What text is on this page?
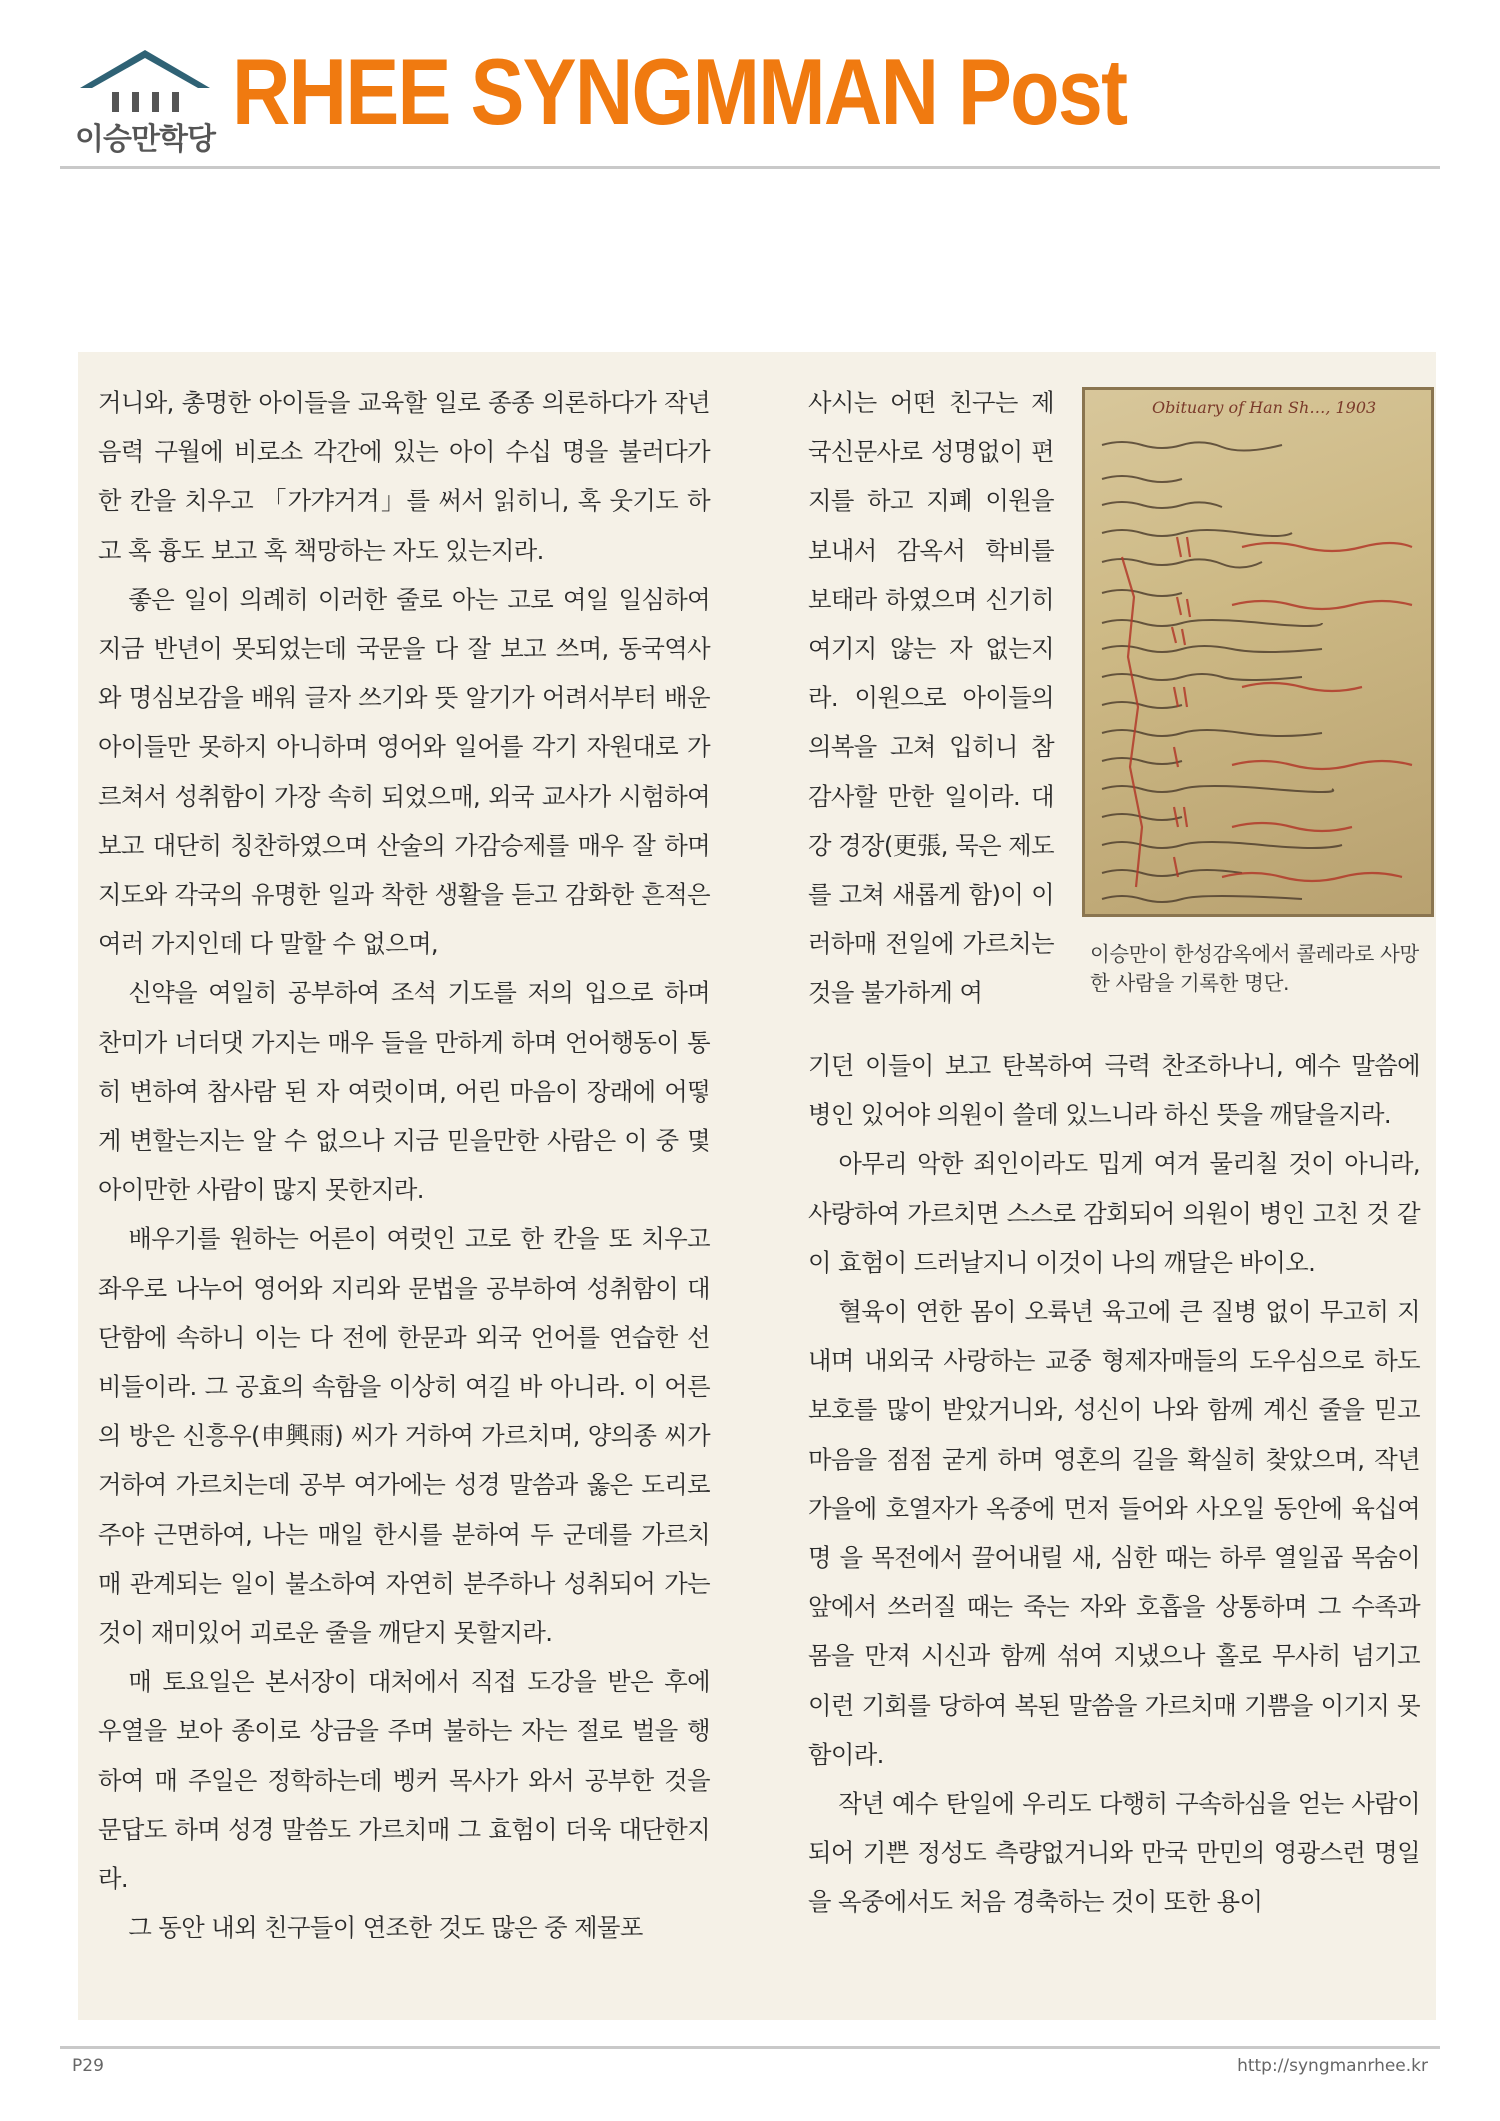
이승만학당 RHEE SYNGMMAN Post

거니와, 총명한 아이들을 교육할 일로 종종 의론하다가 작년 음력 구월에 비로소 각간에 있는 아이 수십 명을 불러다가 한 칸을 치우고 「가갸거겨」를 써서 읽히니, 혹 웃기도 하고 혹 흉도 보고 혹 책망하는 자도 있는지라.

좋은 일이 의례히 이러한 줄로 아는 고로 여일 일심하여 지금 반년이 못되었는데 국문을 다 잘 보고 쓰며, 동국역사와 명심보감을 배워 글자 쓰기와 뜻 알기가 어려서부터 배운 아이들만 못하지 아니하며 영어와 일어를 각기 자원대로 가르쳐서 성취함이 가장 속히 되었으매, 외국 교사가 시험하여 보고 대단히 칭찬하였으며 산술의 가감승제를 매우 잘 하며 지도와 각국의 유명한 일과 착한 생활을 듣고 감화한 흔적은 여러 가지인데 다 말할 수 없으며,

신약을 여일히 공부하여 조석 기도를 저의 입으로 하며 찬미가 너더댓 가지는 매우 들을 만하게 하며 언어행동이 통히 변하여 참사람 된 자 여럿이며, 어린 마음이 장래에 어떻게 변할는지는 알 수 없으나 지금 믿을만한 사람은 이 중 몇 아이만한 사람이 많지 못한지라.

배우기를 원하는 어른이 여럿인 고로 한 칸을 또 치우고 좌우로 나누어 영어와 지리와 문법을 공부하여 성취함이 대단함에 속하니 이는 다 전에 한문과 외국 언어를 연습한 선비들이라. 그 공효의 속함을 이상히 여길 바 아니라. 이 어른의 방은 신흥우(申興雨) 씨가 거하여 가르치며, 양의종 씨가 거하여 가르치는데 공부 여가에는 성경 말씀과 옳은 도리로 주야 근면하여, 나는 매일 한시를 분하여 두 군데를 가르치매 관계되는 일이 불소하여 자연히 분주하나 성취되어 가는 것이 재미있어 괴로운 줄을 깨닫지 못할지라.

매 토요일은 본서장이 대처에서 직접 도강을 받은 후에 우열을 보아 종이로 상금을 주며 불하는 자는 절로 벌을 행하여 매 주일은 정학하는데 벵커 목사가 와서 공부한 것을 문답도 하며 성경 말씀도 가르치매 그 효험이 더욱 대단한지라.

그 동안 내외 친구들이 연조한 것도 많은 중 제물포

사시는 어떤 친구는 제국신문사로 성명없이 편지를 하고 지폐 이원을 보내서 감옥서 학비를 보태라 하였으며 신기히 여기지 않는 자 없는지라. 이원으로 아이들의 의복을 고쳐 입히니 참 감사할 만한 일이라. 대강 경장(更張, 묵은 제도를 고쳐 새롭게 함)이 이러하매 전일에 가르치는 것을 불가하게 여

Obituary of Han Sh…, 1903
이승만이 한성감옥에서 콜레라로 사망한 사람을 기록한 명단.

기던 이들이 보고 탄복하여 극력 찬조하나니, 예수 말씀에 병인 있어야 의원이 쓸데 있느니라 하신 뜻을 깨달을지라.

아무리 악한 죄인이라도 밉게 여겨 물리칠 것이 아니라, 사랑하여 가르치면 스스로 감회되어 의원이 병인 고친 것 같이 효험이 드러날지니 이것이 나의 깨달은 바이오.

혈육이 연한 몸이 오륙년 육고에 큰 질병 없이 무고히 지내며 내외국 사랑하는 교중 형제자매들의 도우심으로 하도 보호를 많이 받았거니와, 성신이 나와 함께 계신 줄을 믿고 마음을 점점 굳게 하며 영혼의 길을 확실히 찾았으며, 작년 가을에 호열자가 옥중에 먼저 들어와 사오일 동안에 육십여명 을 목전에서 끌어내릴 새, 심한 때는 하루 열일곱 목숨이 앞에서 쓰러질 때는 죽는 자와 호흡을 상통하며 그 수족과 몸을 만져 시신과 함께 섞여 지냈으나 홀로 무사히 넘기고 이런 기회를 당하여 복된 말씀을 가르치매 기쁨을 이기지 못함이라.

작년 예수 탄일에 우리도 다행히 구속하심을 얻는 사람이 되어 기쁜 정성도 측량없거니와 만국 만민의 영광스런 명일을 옥중에서도 처음 경축하는 것이 또한 용이

P29	http://syngmanrhee.kr
